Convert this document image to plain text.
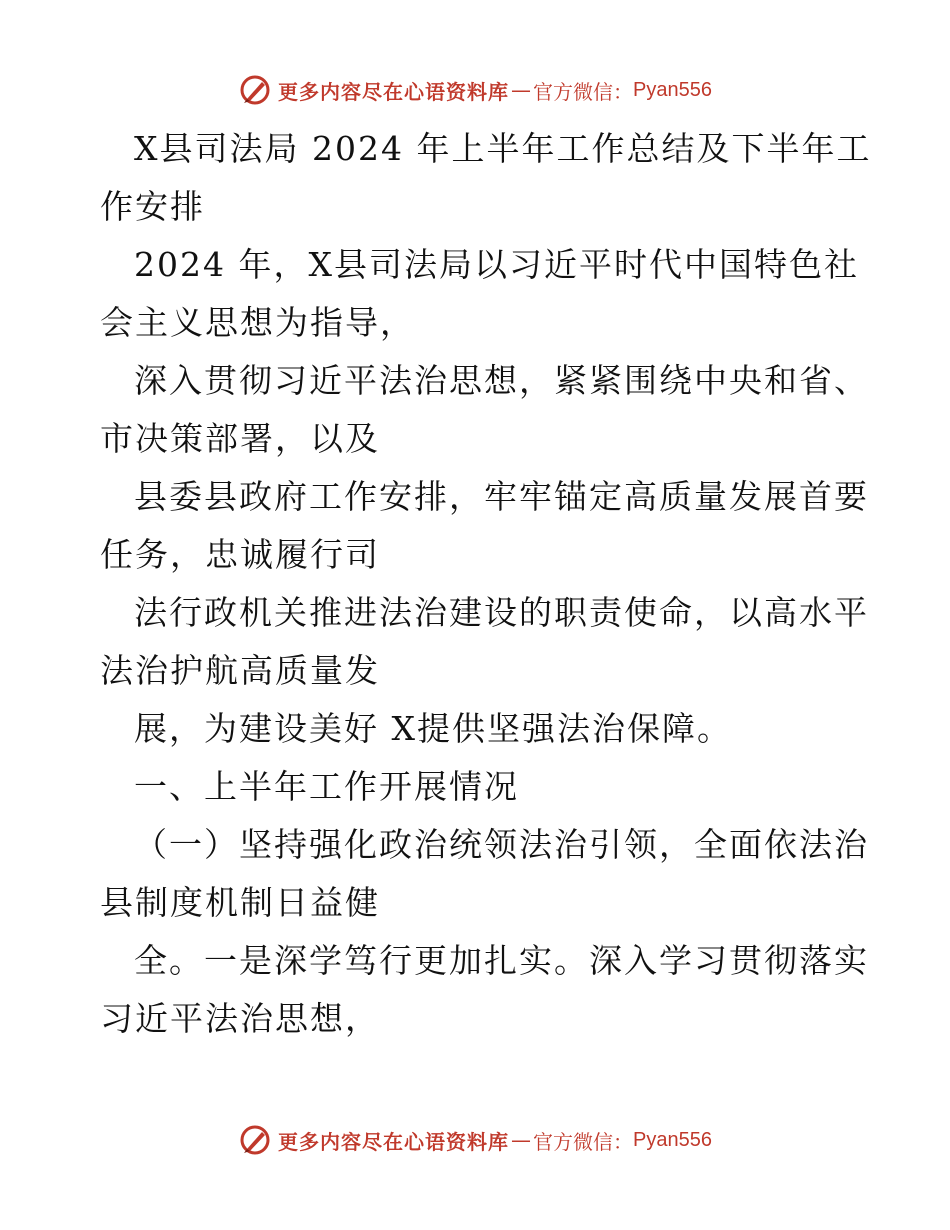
更多内容尽在心语资料库 — 官方微信： Pyan556
X县司法局 2024 年上半年工作总结及下半年工
作安排
2024 年，X县司法局以习近平时代中国特色社
会主义思想为指导，
深入贯彻习近平法治思想，紧紧围绕中央和省、
市决策部署，以及
县委县政府工作安排，牢牢锚定高质量发展首要
任务，忠诚履行司
法行政机关推进法治建设的职责使命，以高水平
法治护航高质量发
展，为建设美好 X提供坚强法治保障。
一、上半年工作开展情况
（一）坚持强化政治统领法治引领，全面依法治
县制度机制日益健
全。一是深学笃行更加扎实。深入学习贯彻落实
习近平法治思想，
更多内容尽在心语资料库 — 官方微信： Pyan556
